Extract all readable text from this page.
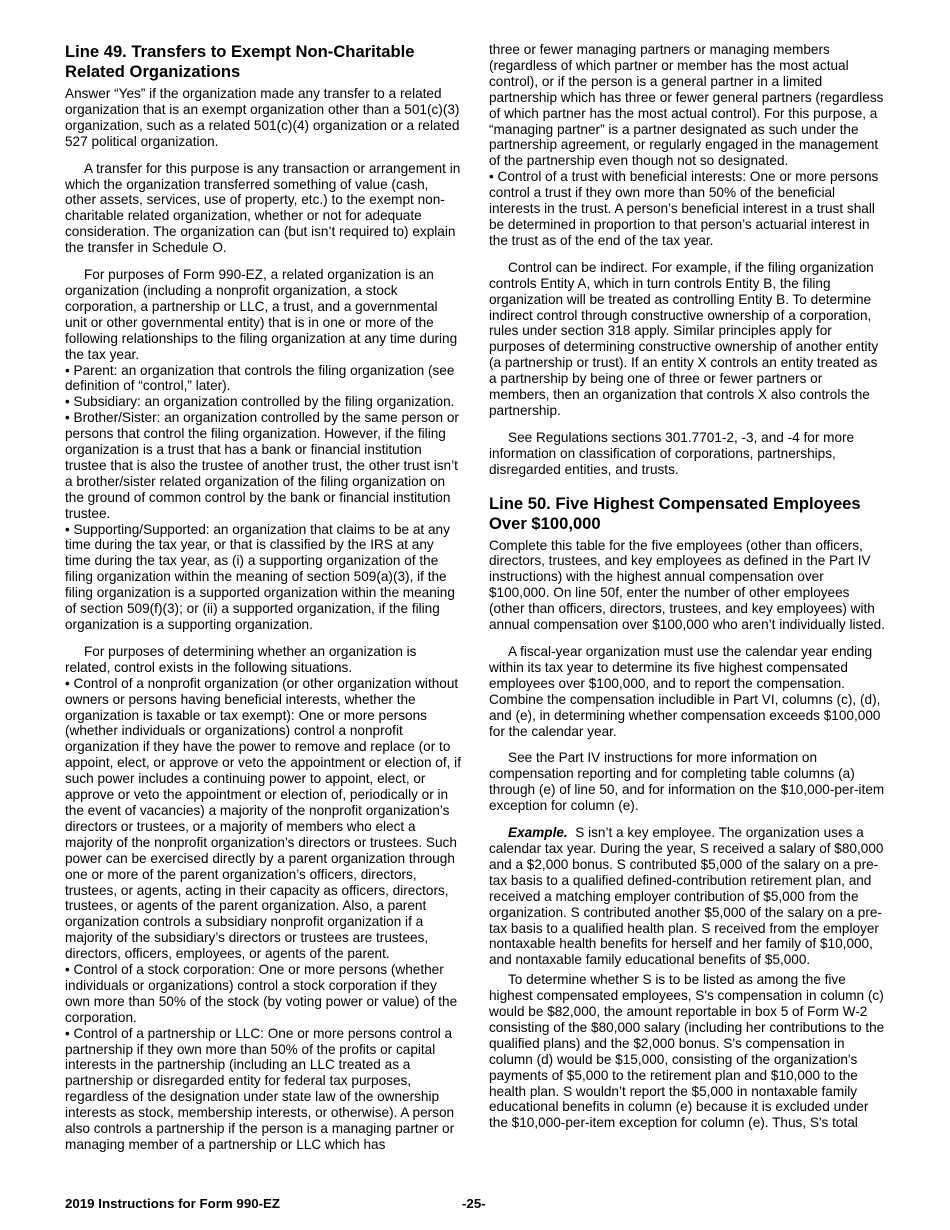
Line 49. Transfers to Exempt Non-Charitable Related Organizations

Answer “Yes” if the organization made any transfer to a related organization that is an exempt organization other than a 501(c)(3) organization, such as a related 501(c)(4) organization or a related 527 political organization.

A transfer for this purpose is any transaction or arrangement in which the organization transferred something of value (cash, other assets, services, use of property, etc.) to the exempt non-charitable related organization, whether or not for adequate consideration. The organization can (but isn’t required to) explain the transfer in Schedule O.

For purposes of Form 990-EZ, a related organization is an organization (including a nonprofit organization, a stock corporation, a partnership or LLC, a trust, and a governmental unit or other governmental entity) that is in one or more of the following relationships to the filing organization at any time during the tax year.

• Parent: an organization that controls the filing organization (see definition of “control,” later).

• Subsidiary: an organization controlled by the filing organization.

• Brother/Sister: an organization controlled by the same person or persons that control the filing organization. However, if the filing organization is a trust that has a bank or financial institution trustee that is also the trustee of another trust, the other trust isn’t a brother/sister related organization of the filing organization on the ground of common control by the bank or financial institution trustee.

• Supporting/Supported: an organization that claims to be at any time during the tax year, or that is classified by the IRS at any time during the tax year, as (i) a supporting organization of the filing organization within the meaning of section 509(a)(3), if the filing organization is a supported organization within the meaning of section 509(f)(3); or (ii) a supported organization, if the filing organization is a supporting organization.

For purposes of determining whether an organization is related, control exists in the following situations.

• Control of a nonprofit organization (or other organization without owners or persons having beneficial interests, whether the organization is taxable or tax exempt): One or more persons (whether individuals or organizations) control a nonprofit organization if they have the power to remove and replace (or to appoint, elect, or approve or veto the appointment or election of, if such power includes a continuing power to appoint, elect, or approve or veto the appointment or election of, periodically or in the event of vacancies) a majority of the nonprofit organization’s directors or trustees, or a majority of members who elect a majority of the nonprofit organization’s directors or trustees. Such power can be exercised directly by a parent organization through one or more of the parent organization’s officers, directors, trustees, or agents, acting in their capacity as officers, directors, trustees, or agents of the parent organization. Also, a parent organization controls a subsidiary nonprofit organization if a majority of the subsidiary’s directors or trustees are trustees, directors, officers, employees, or agents of the parent.

• Control of a stock corporation: One or more persons (whether individuals or organizations) control a stock corporation if they own more than 50% of the stock (by voting power or value) of the corporation.

• Control of a partnership or LLC: One or more persons control a partnership if they own more than 50% of the profits or capital interests in the partnership (including an LLC treated as a partnership or disregarded entity for federal tax purposes, regardless of the designation under state law of the ownership interests as stock, membership interests, or otherwise). A person also controls a partnership if the person is a managing partner or managing member of a partnership or LLC which has

three or fewer managing partners or managing members (regardless of which partner or member has the most actual control), or if the person is a general partner in a limited partnership which has three or fewer general partners (regardless of which partner has the most actual control). For this purpose, a “managing partner” is a partner designated as such under the partnership agreement, or regularly engaged in the management of the partnership even though not so designated.

• Control of a trust with beneficial interests: One or more persons control a trust if they own more than 50% of the beneficial interests in the trust. A person’s beneficial interest in a trust shall be determined in proportion to that person’s actuarial interest in the trust as of the end of the tax year.

Control can be indirect. For example, if the filing organization controls Entity A, which in turn controls Entity B, the filing organization will be treated as controlling Entity B. To determine indirect control through constructive ownership of a corporation, rules under section 318 apply. Similar principles apply for purposes of determining constructive ownership of another entity (a partnership or trust). If an entity X controls an entity treated as a partnership by being one of three or fewer partners or members, then an organization that controls X also controls the partnership.

See Regulations sections 301.7701-2, -3, and -4 for more information on classification of corporations, partnerships, disregarded entities, and trusts.

Line 50. Five Highest Compensated Employees Over $100,000

Complete this table for the five employees (other than officers, directors, trustees, and key employees as defined in the Part IV instructions) with the highest annual compensation over $100,000. On line 50f, enter the number of other employees (other than officers, directors, trustees, and key employees) with annual compensation over $100,000 who aren’t individually listed.

A fiscal-year organization must use the calendar year ending within its tax year to determine its five highest compensated employees over $100,000, and to report the compensation. Combine the compensation includible in Part VI, columns (c), (d), and (e), in determining whether compensation exceeds $100,000 for the calendar year.

See the Part IV instructions for more information on compensation reporting and for completing table columns (a) through (e) of line 50, and for information on the $10,000-per-item exception for column (e).

Example. S isn’t a key employee. The organization uses a calendar tax year. During the year, S received a salary of $80,000 and a $2,000 bonus. S contributed $5,000 of the salary on a pre-tax basis to a qualified defined-contribution retirement plan, and received a matching employer contribution of $5,000 from the organization. S contributed another $5,000 of the salary on a pre-tax basis to a qualified health plan. S received from the employer nontaxable health benefits for herself and her family of $10,000, and nontaxable family educational benefits of $5,000.

To determine whether S is to be listed as among the five highest compensated employees, S's compensation in column (c) would be $82,000, the amount reportable in box 5 of Form W-2 consisting of the $80,000 salary (including her contributions to the qualified plans) and the $2,000 bonus. S's compensation in column (d) would be $15,000, consisting of the organization's payments of $5,000 to the retirement plan and $10,000 to the health plan. S wouldn’t report the $5,000 in nontaxable family educational benefits in column (e) because it is excluded under the $10,000-per-item exception for column (e). Thus, S's total

2019 Instructions for Form 990-EZ	-25-
